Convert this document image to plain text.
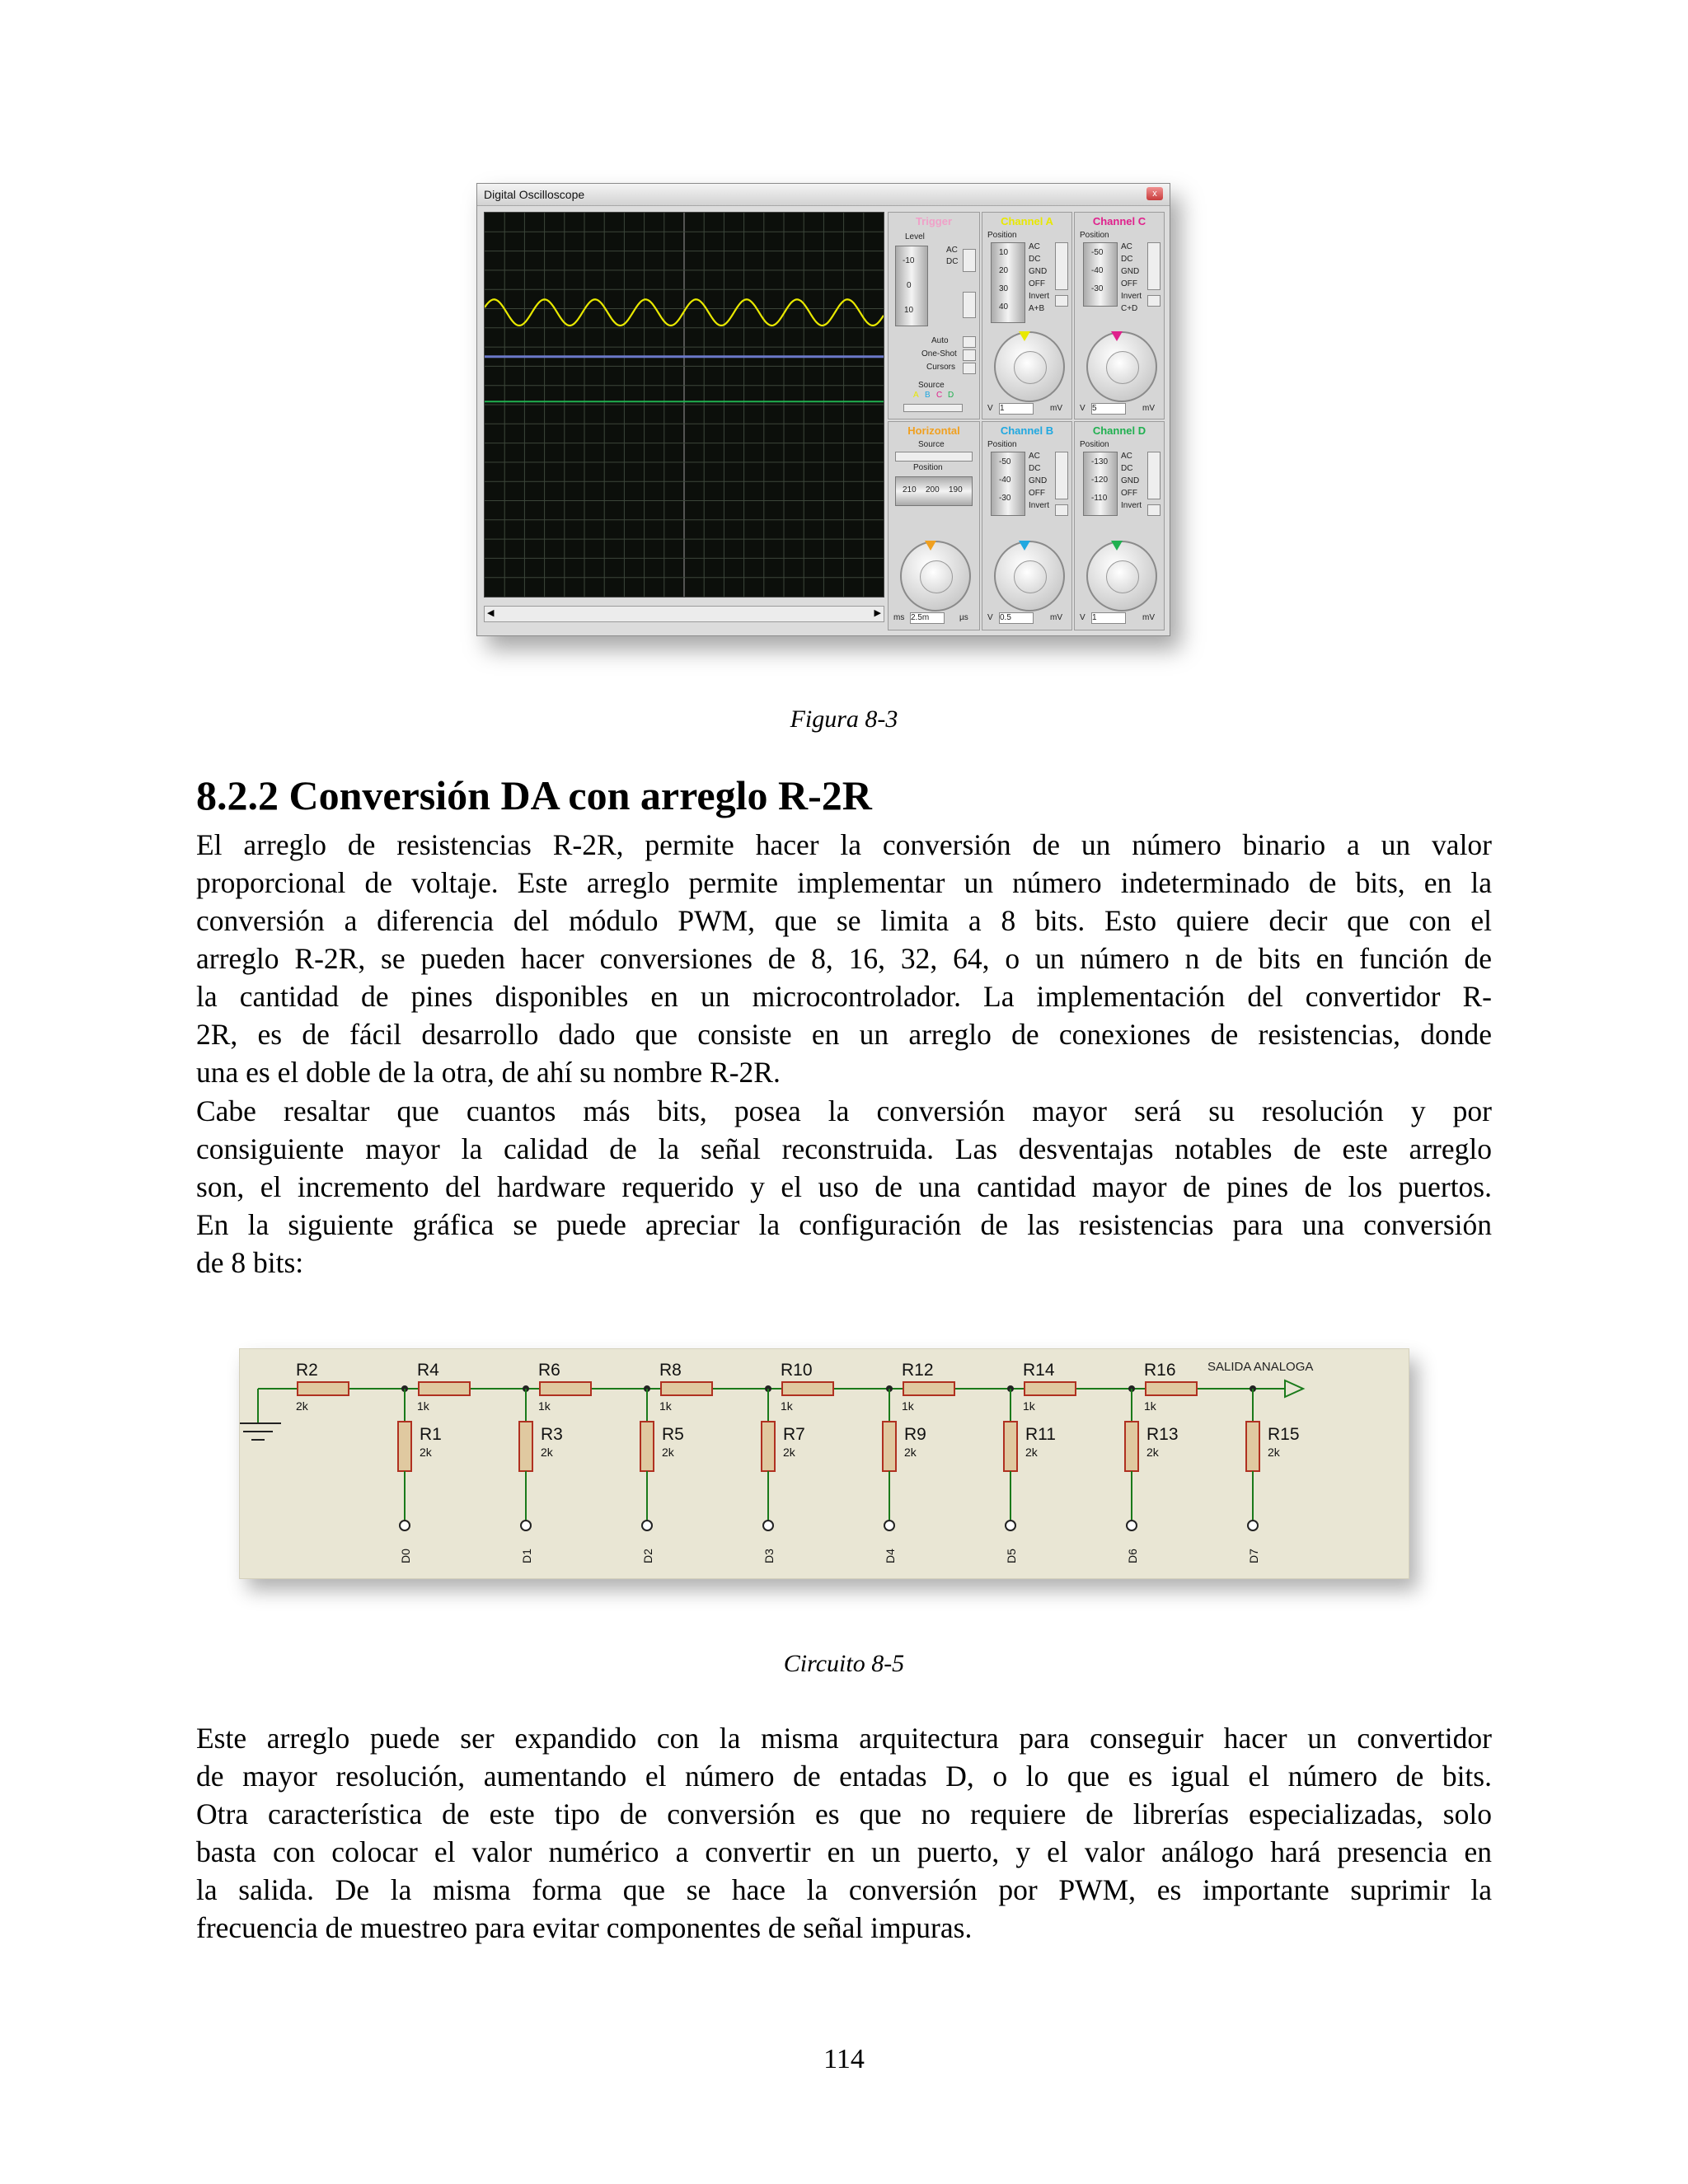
Digital Oscilloscope	x
◀	▶
Trigger
Level
-10
0
10
AC
DC
Auto
One-Shot
Cursors
Source
A B C D
Horizontal
Source
Position
210 200 190
ms 2.5m	µs
Channel A
Position
10
20
30
40
AC
DC
GND
OFF
Invert
A+B
V 1	mV
Channel C
Position
-50
-40
-30
AC
DC
GND
OFF
Invert
C+D
V 5	mV
Channel B
Position
-50
-40
-30
AC
DC
GND
OFF
Invert
V 0.5	mV
Channel D
Position
-130
-120
-110
AC
DC
GND
OFF
Invert
V 1	mV
Figura 8-3
8.2.2 Conversión DA con arreglo R-2R
El arreglo de resistencias R-2R, permite hacer la conversión de un número binario a un valor
proporcional de voltaje. Este arreglo permite implementar un número indeterminado de bits, en la
conversión a diferencia del módulo PWM, que se limita a 8 bits. Esto quiere decir que con el
arreglo R-2R, se pueden hacer conversiones de 8, 16, 32, 64, o un número n de bits en función de
la cantidad de pines disponibles en un microcontrolador. La implementación del convertidor R-
2R, es de fácil desarrollo dado que consiste en un arreglo de conexiones de resistencias, donde
una es el doble de la otra, de ahí su nombre R-2R.
Cabe resaltar que cuantos más bits, posea la conversión mayor será su resolución y por
consiguiente mayor la calidad de la señal reconstruida. Las desventajas notables de este arreglo
son, el incremento del hardware requerido y el uso de una cantidad mayor de pines de los puertos.
En la siguiente gráfica se puede apreciar la configuración de las resistencias para una conversión
de 8 bits:
SALIDA ANALOGA
R2
2k
R4
1k
R6
1k
R8
1k
R10
1k
R12
1k
R14
1k
R16
1k
R1
2k
D0
R3
2k
D1
R5
2k
D2
R7
2k
D3
R9
2k
D4
R11
2k
D5
R13
2k
D6
R15
2k
D7
Circuito 8-5
Este arreglo puede ser expandido con la misma arquitectura para conseguir hacer un convertidor
de mayor resolución, aumentando el número de entadas D, o lo que es igual el número de bits.
Otra característica de este tipo de conversión es que no requiere de librerías especializadas, solo
basta con colocar el valor numérico a convertir en un puerto, y el valor análogo hará presencia en
la salida. De la misma forma que se hace la conversión por PWM, es importante suprimir la
frecuencia de muestreo para evitar componentes de señal impuras.
114
